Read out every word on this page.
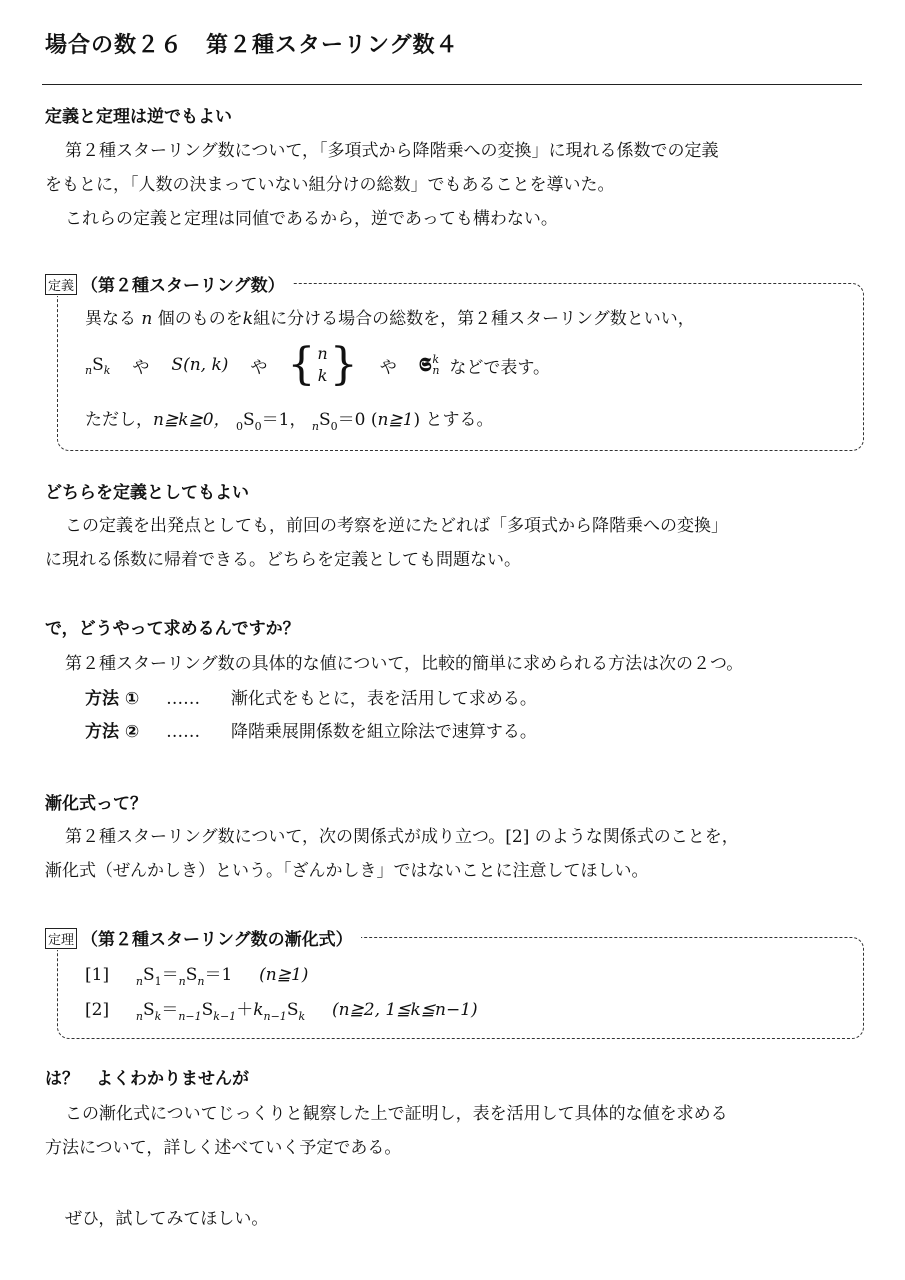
場合の数２６　第２種スターリング数４
定義と定理は逆でもよい
第２種スターリング数について，「多項式から降階乗への変換」に現れる係数での定義
をもとに，「人数の決まっていない組分けの総数」でもあることを導いた。
これらの定義と定理は同値であるから，逆であっても構わない。
定義 （第２種スターリング数）
異なる n 個のものをk組に分ける場合の総数を，第２種スターリング数といい，
n S k や S(n, k) や { n
k } や 𝕾 k
n などで表す。
ただし，n≧k≧0， $_0S_0=1$， $_nS_0=0$ (n≧1) とする。
どちらを定義としてもよい
この定義を出発点としても，前回の考察を逆にたどれば「多項式から降階乗への変換」
に現れる係数に帰着できる。どちらを定義としても問題ない。
で，どうやって求めるんですか？
第２種スターリング数の具体的な値について，比較的簡単に求められる方法は次の２つ。
方法 ① …… 漸化式をもとに，表を活用して求める。
方法 ② …… 降階乗展開係数を組立除法で速算する。
漸化式って？
第２種スターリング数について，次の関係式が成り立つ。[2] のような関係式のことを，
漸化式（ぜんかしき）という。「ざんかしき」ではないことに注意してほしい。
定理 （第２種スターリング数の漸化式）
[1] $_nS_1=_nS_n=1$ (n≧1)
[2] $_nS_k=_{n-1}S_{k-1}+k_{n-1}S_k$ (n≧2, 1≦k≦n−1)
は？　よくわかりませんが
この漸化式についてじっくりと観察した上で証明し，表を活用して具体的な値を求める
方法について，詳しく述べていく予定である。
ぜひ，試してみてほしい。
